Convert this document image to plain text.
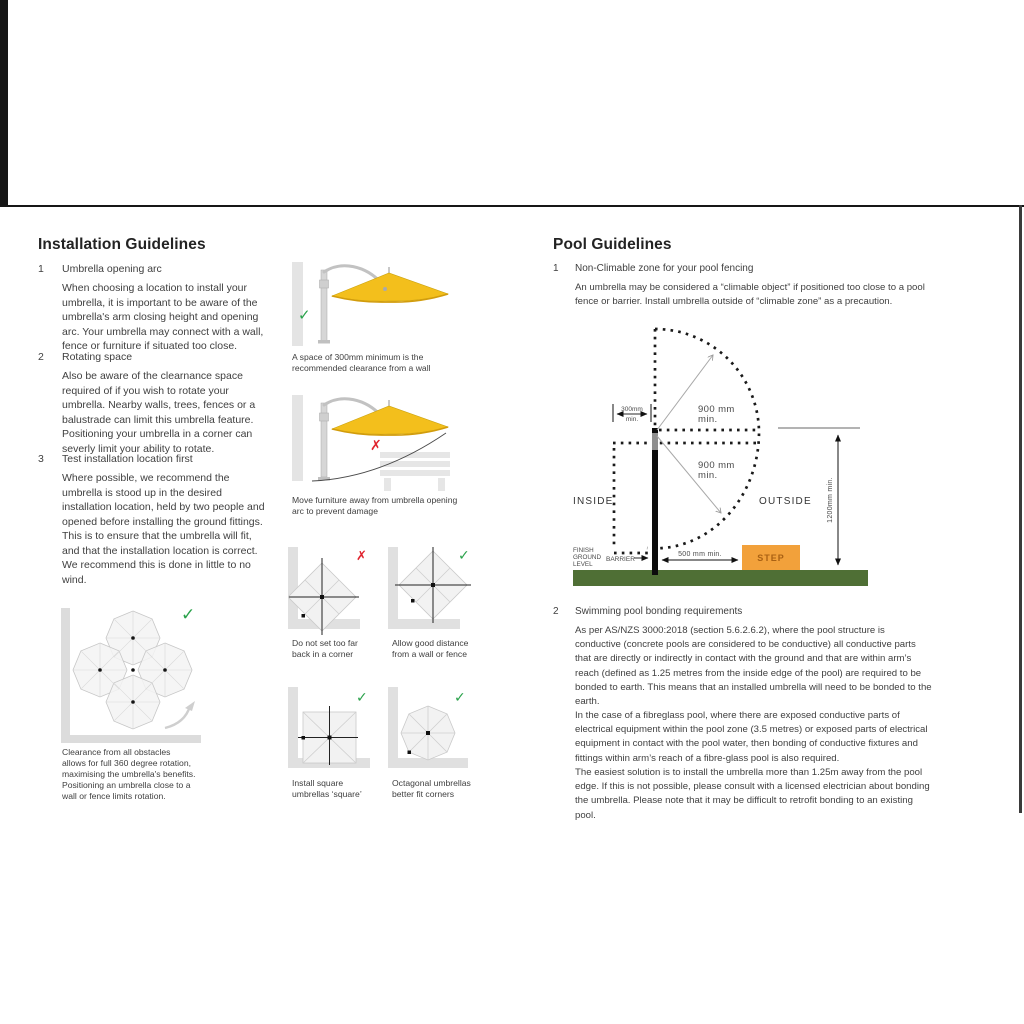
Installation Guidelines
1 Umbrella opening arc
When choosing a location to install your umbrella, it is important to be aware of the umbrella's arm closing height and opening arc. Your umbrella may connect with a wall, fence or furniture if situated too close.
2 Rotating space
Also be aware of the clearnance space required of if you wish to rotate your umbrella. Nearby walls, trees, fences or a balustrade can limit this umbrella feature. Positioning your umbrella in a corner can severly limit your ability to rotate.
3 Test installation location first
Where possible, we recommend the umbrella is stood up in the desired installation location, held by two people and opened before installing the ground fittings. This is to ensure that the umbrella will fit, and that the installation location is correct. We recommend this is done in little to no wind.
✓
Clearance from all obstacles
allows for full 360 degree rotation,
maximising the umbrella's benefits.
Positioning an umbrella close to a
wall or fence limits rotation.
✓
A space of 300mm minimum is the
recommended clearance from a wall
✗
Move furniture away from umbrella opening
arc to prevent damage
✗
Do not set too far
back in a corner
✓
Allow good distance
from a wall or fence
✓
Install square
umbrellas ‘square’
✓
Octagonal umbrellas
better fit corners
Pool Guidelines
1 Non-Climable zone for your pool fencing
An umbrella may be considered a “climable object” if positioned too close to a pool fence or barrier. Install umbrella outside of “climable zone” as a precaution.
STEP
900 mm
min.
900 mm
min.
300mm
min.
INSIDE	OUTSIDE
FINISH
GROUND
LEVEL
BARRIER
500 mm min.
1200mm min.
2 Swimming pool bonding requirements
As per AS/NZS 3000:2018 (section 5.6.2.6.2), where the pool structure is conductive (concrete pools are considered to be conductive) all conductive parts that are directly or indirectly in contact with the ground and that are within arm’s reach (defined as 1.25 metres from the inside edge of the pool) are required to be bonded to earth. This means that an installed umbrella will need to be bonded to the earth.
In the case of a fibreglass pool, where there are exposed conductive parts of electrical equipment within the pool zone (3.5 metres) or exposed parts of electrical equipment in contact with the pool water, then bonding of conductive fixtures and fittings within arm’s reach of a fibre-glass pool is also required.
The easiest solution is to install the umbrella more than 1.25m away from the pool edge. If this is not possible, please consult with a licensed electrician about bonding the umbrella. Please note that it may be difficult to retrofit bonding to an existing pool.
